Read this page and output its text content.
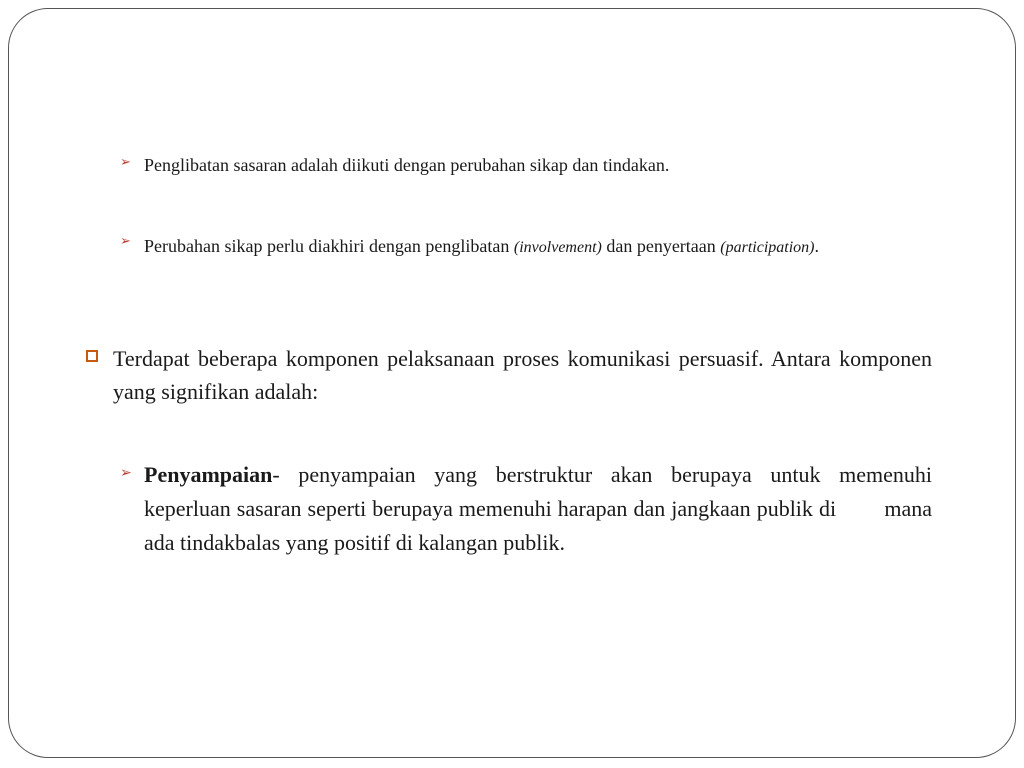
➢ Penglibatan sasaran adalah diikuti dengan perubahan sikap dan tindakan.
➢ Perubahan sikap perlu diakhiri dengan penglibatan (involvement) dan penyertaan (participation).
Terdapat beberapa komponen pelaksanaan proses komunikasi persuasif. Antara komponen yang signifikan adalah:
➢ Penyampaian- penyampaian yang berstruktur akan berupaya untuk memenuhi keperluan sasaran seperti berupaya memenuhi harapan dan jangkaan publik di        mana ada tindakbalas yang positif di kalangan publik.
